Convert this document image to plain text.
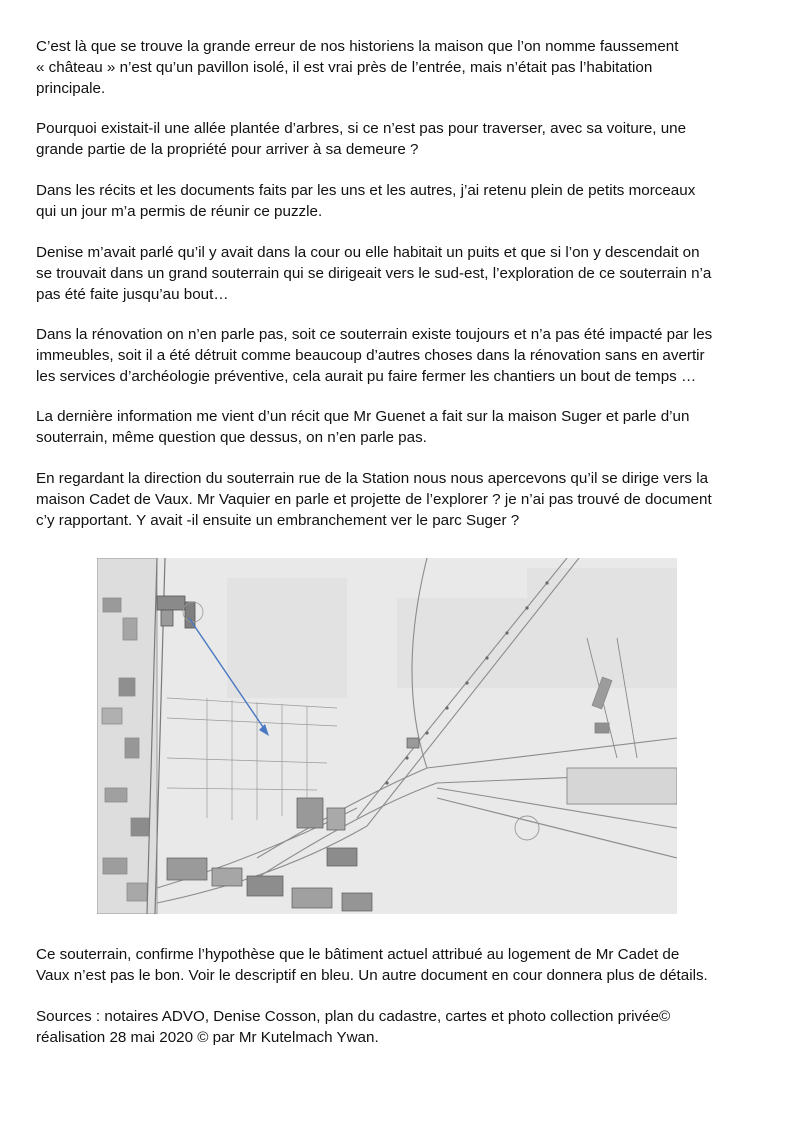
C’est là que se trouve la grande erreur de nos historiens la maison que l’on nomme faussement
« château » n’est qu’un pavillon isolé, il est vrai près de l’entrée, mais n’était pas l’habitation
principale.

Pourquoi existait-il une allée plantée d’arbres, si ce n’est pas pour traverser, avec sa voiture, une
grande partie de la propriété pour arriver à sa demeure ?

Dans les récits et les documents faits par les uns et les autres, j’ai retenu plein de petits morceaux
qui un jour m’a permis de réunir ce puzzle.

Denise m’avait parlé qu’il y avait dans la cour ou elle habitait un puits et que si l’on y descendait on
se trouvait dans un grand souterrain qui se dirigeait vers le sud-est, l’exploration de ce souterrain n’a
pas été faite jusqu’au bout…

Dans la rénovation on n’en parle pas, soit ce souterrain existe toujours et n’a pas été impacté par les
immeubles, soit il a été détruit comme beaucoup d’autres choses dans la rénovation sans en avertir
les services d’archéologie préventive, cela aurait pu faire fermer les chantiers un bout de temps …

La dernière information me vient d’un récit que Mr Guenet a fait sur la maison Suger et parle d’un
souterrain, même question que dessus, on n’en parle pas.

En regardant la direction du souterrain rue de la Station nous nous apercevons qu’il se dirige vers la
maison Cadet de Vaux. Mr Vaquier en parle et projette de l’explorer ? je n’ai pas trouvé de document
c’y rapportant. Y avait -il ensuite un embranchement ver le parc Suger ?

Ce souterrain, confirme l’hypothèse que le bâtiment actuel attribué au logement de Mr Cadet de
Vaux n’est pas le bon. Voir le descriptif en bleu. Un autre document en cour donnera plus de détails.

Sources : notaires ADVO, Denise Cosson, plan du cadastre, cartes et photo collection privée©
réalisation 28 mai 2020 © par Mr Kutelmach Ywan.
